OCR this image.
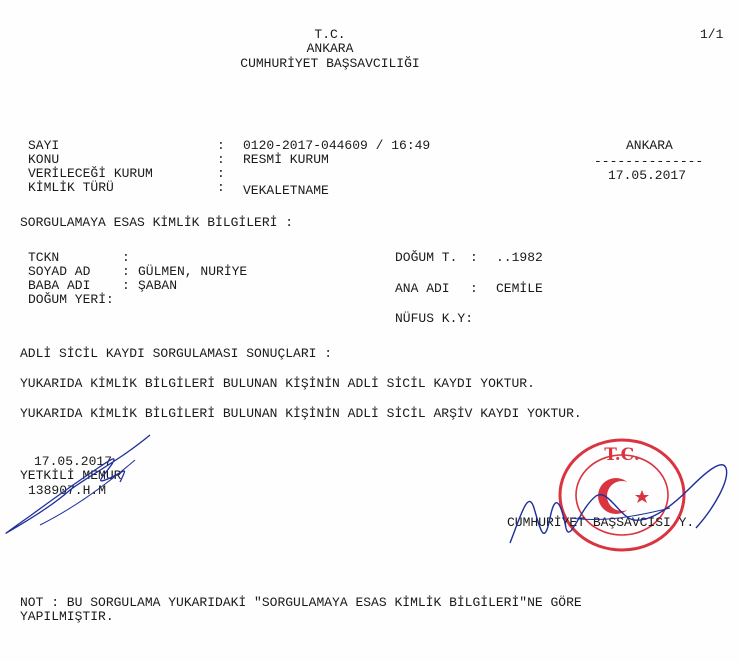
T.C.
ANKARA
CUMHURİYET BAŞSAVCILIĞI
1/1
SAYI
KONU
VERİLECEĞİ KURUM
KİMLİK TÜRÜ
:
:
:
:
0120-2017-044609 / 16:49
RESMİ KURUM
VEKALETNAME
ANKARA
--------------
17.05.2017
SORGULAMAYA ESAS KİMLİK BİLGİLERİ :
TCKN
SOYAD AD
BABA ADI
DOĞUM YERİ:
:
:
:
GÜLMEN, NURİYE
ŞABAN
DOĞUM T. : ..1982
ANA ADI : CEMİLE
NÜFUS K.Y:
ADLİ SİCİL KAYDI SORGULAMASI SONUÇLARI :
YUKARIDA KİMLİK BİLGİLERİ BULUNAN KİŞİNİN ADLİ SİCİL KAYDI YOKTUR.
YUKARIDA KİMLİK BİLGİLERİ BULUNAN KİŞİNİN ADLİ SİCİL ARŞİV KAYDI YOKTUR.
17.05.2017
YETKİLİ MEMUR
138907.H.M
T.C.
CUMHURİYET BAŞSAVCISI Y.
NOT : BU SORGULAMA YUKARIDAKİ "SORGULAMAYA ESAS KİMLİK BİLGİLERİ"NE GÖRE
YAPILMIŞTIR.
